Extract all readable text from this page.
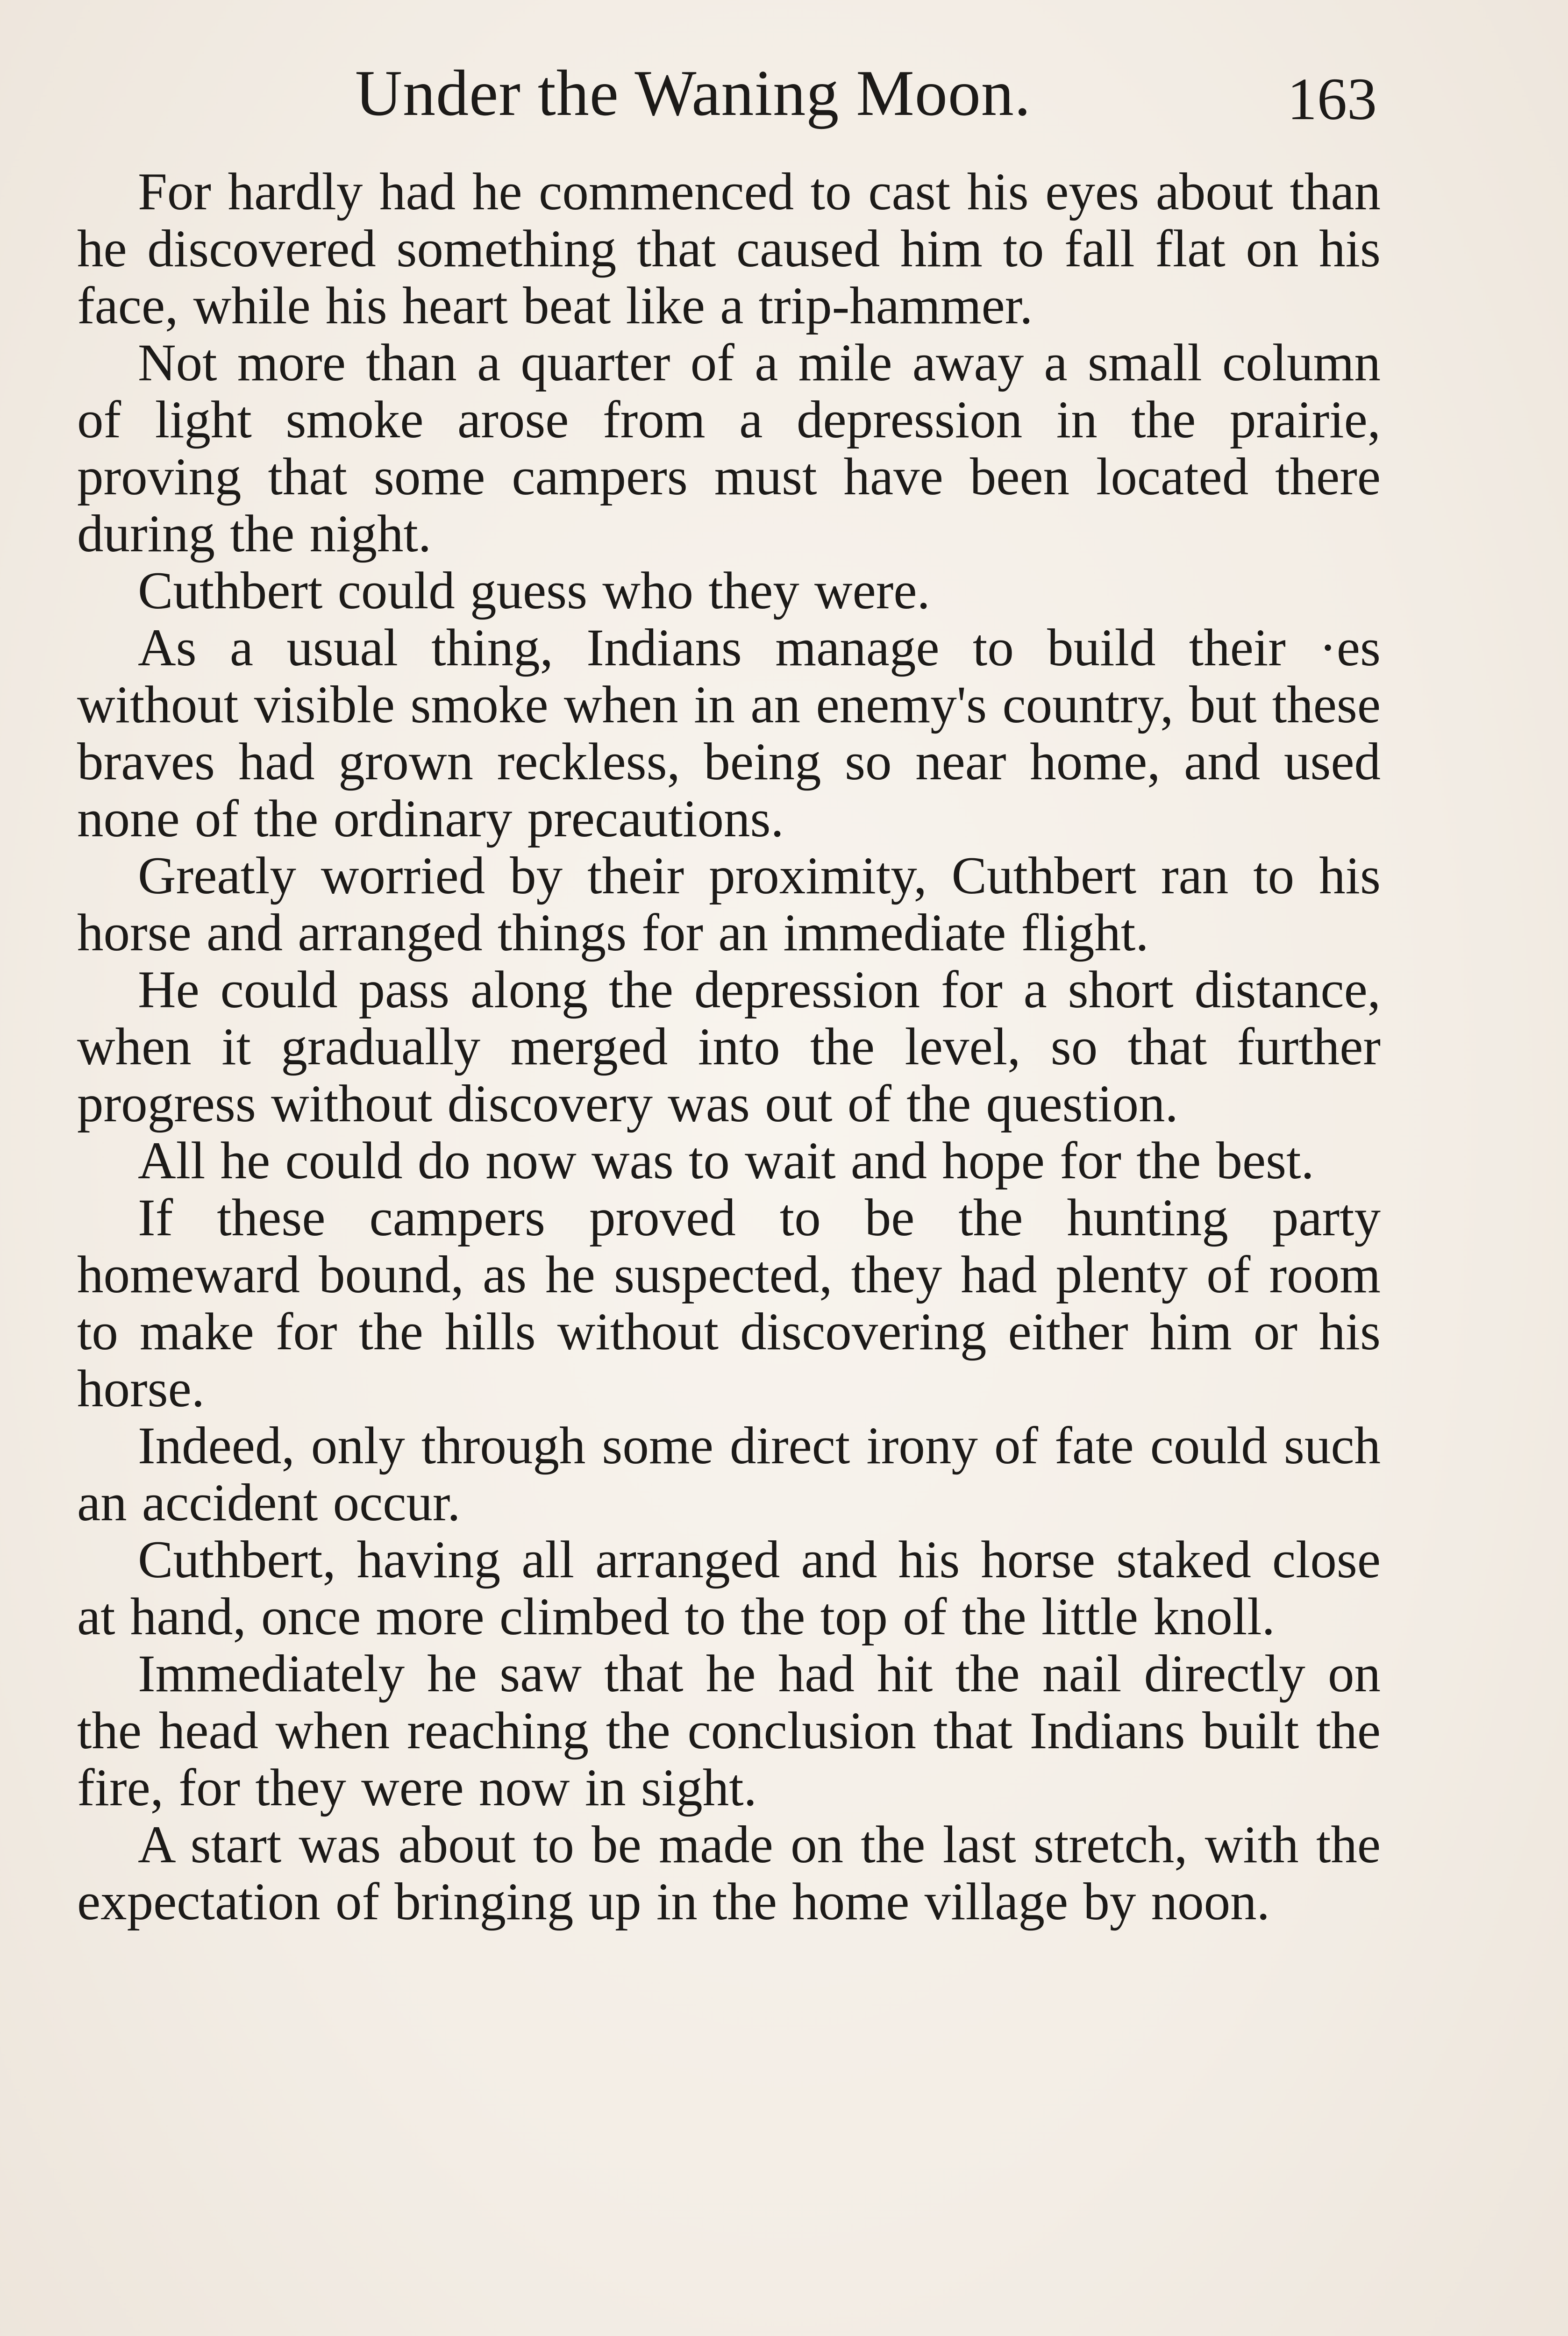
Under the Waning Moon.	163

For hardly had he commenced to cast his eyes about than he discovered something that caused him to fall flat on his face, while his heart beat like a trip-hammer.

Not more than a quarter of a mile away a small column of light smoke arose from a depression in the prairie, proving that some campers must have been located there during the night.

Cuthbert could guess who they were.

As a usual thing, Indians manage to build their ·es without visible smoke when in an enemy's country, but these braves had grown reckless, being so near home, and used none of the ordinary precautions.

Greatly worried by their proximity, Cuthbert ran to his horse and arranged things for an immediate flight.

He could pass along the depression for a short distance, when it gradually merged into the level, so that further progress without discovery was out of the question.

All he could do now was to wait and hope for the best.

If these campers proved to be the hunting party homeward bound, as he suspected, they had plenty of room to make for the hills without discovering either him or his horse.

Indeed, only through some direct irony of fate could such an accident occur.

Cuthbert, having all arranged and his horse staked close at hand, once more climbed to the top of the little knoll.

Immediately he saw that he had hit the nail directly on the head when reaching the conclusion that Indians built the fire, for they were now in sight.

A start was about to be made on the last stretch, with the expectation of bringing up in the home village by noon.
